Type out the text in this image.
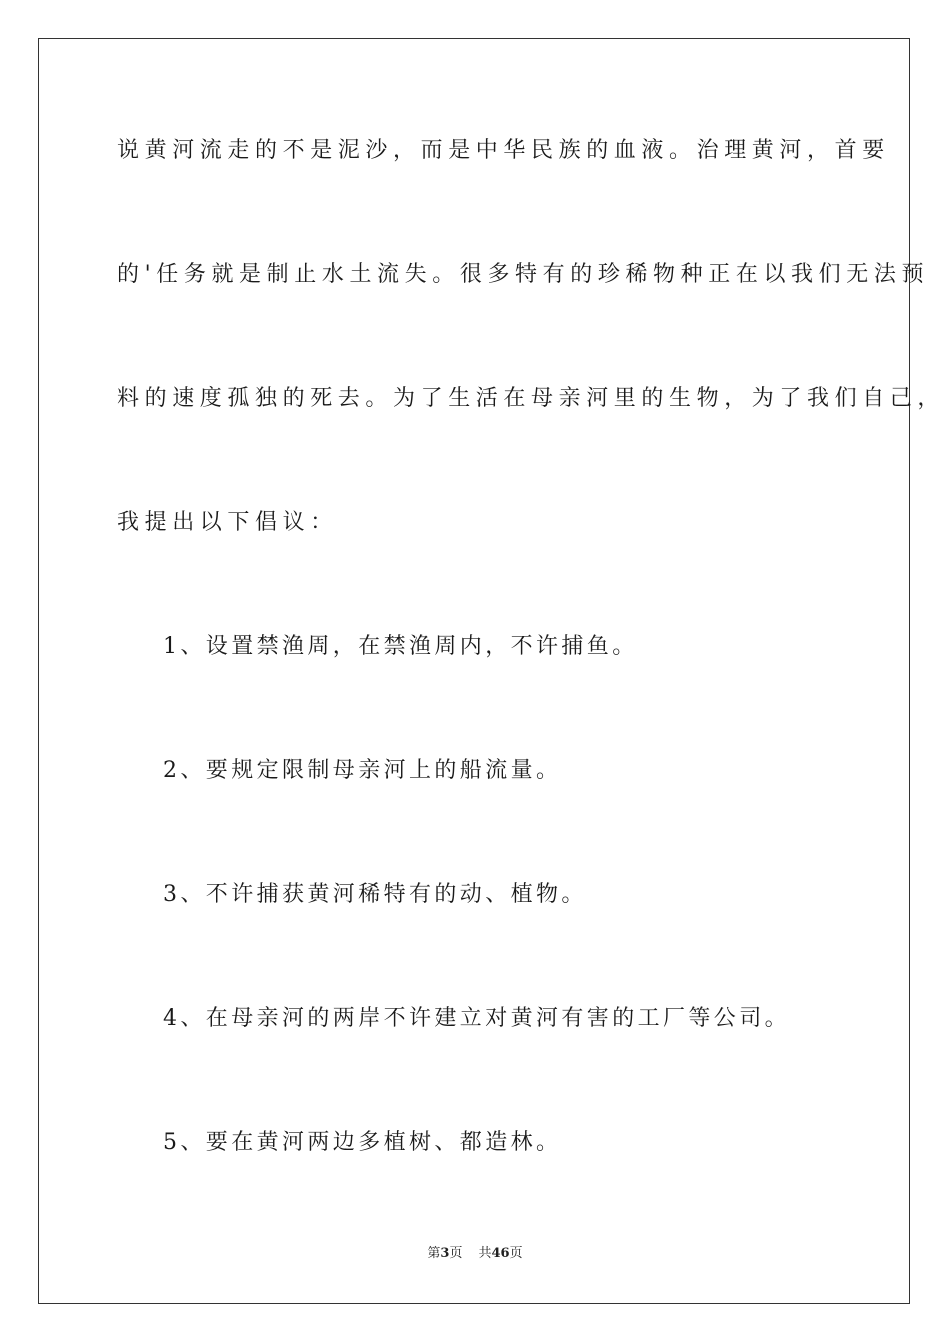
说黄河流走的不是泥沙，而是中华民族的血液。治理黄河，首要
的'任务就是制止水土流失。很多特有的珍稀物种正在以我们无法预
料的速度孤独的死去。为了生活在母亲河里的生物，为了我们自己，
我提出以下倡议：
1、设置禁渔周，在禁渔周内，不许捕鱼。
2、要规定限制母亲河上的船流量。
3、不许捕获黄河稀特有的动、植物。
4、在母亲河的两岸不许建立对黄河有害的工厂等公司。
5、要在黄河两边多植树、都造林。
第3页 共46页
